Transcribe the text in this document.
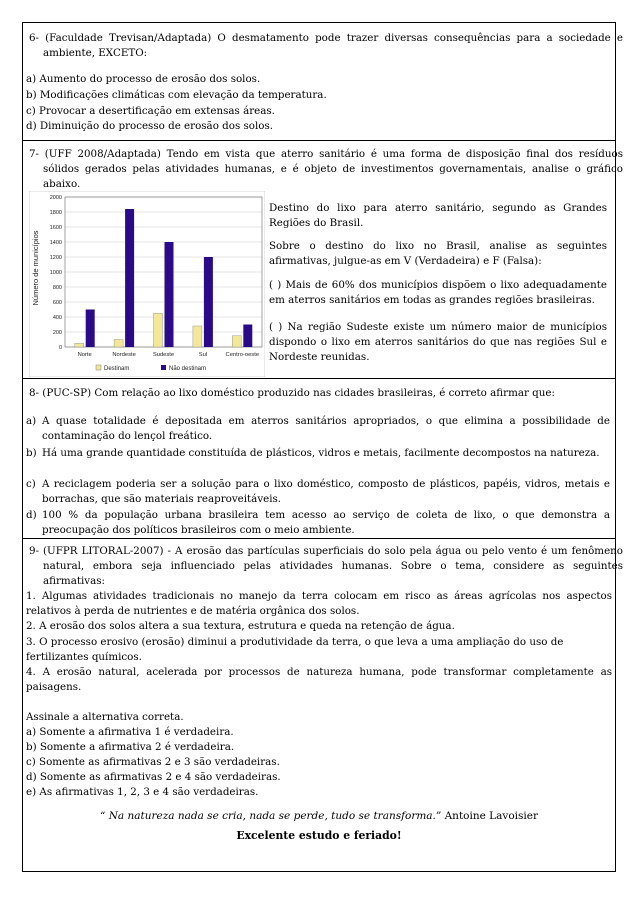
6- (Faculdade Trevisan/Adaptada) O desmatamento pode trazer diversas consequências para a sociedade e ambiente, EXCETO:
a) Aumento do processo de erosão dos solos.
b) Modificações climáticas com elevação da temperatura.
c) Provocar a desertificação em extensas áreas.
d) Diminuição do processo de erosão dos solos.
7- (UFF 2008/Adaptada) Tendo em vista que aterro sanitário é uma forma de disposição final dos resíduos sólidos gerados pelas atividades humanas, e é objeto de investimentos governamentais, analise o gráfico abaixo.
Número de municípios
0
200
400
600
800
1000
1200
1400
1600
1800
2000
Norte	Nordeste	Sudeste	Sul	Centro-oeste
Destinam	Não destinam
Destino do lixo para aterro sanitário, segundo as Grandes Regiões do Brasil.
Sobre o destino do lixo no Brasil, analise as seguintes afirmativas, julgue-as em V (Verdadeira) e F (Falsa):
( ) Mais de 60% dos municípios dispõem o lixo adequadamente em aterros sanitários em todas as grandes regiões brasileiras.
( ) Na região Sudeste existe um número maior de municípios dispondo o lixo em aterros sanitários do que nas regiões Sul e Nordeste reunidas.
8- (PUC-SP) Com relação ao lixo doméstico produzido nas cidades brasileiras, é correto afirmar que:
a) A quase totalidade é depositada em aterros sanitários apropriados, o que elimina a possibilidade de contaminação do lençol freático.
b) Há uma grande quantidade constituída de plásticos, vidros e metais, facilmente decompostos na natureza.
c) A reciclagem poderia ser a solução para o lixo doméstico, composto de plásticos, papéis, vidros, metais e borrachas, que são materiais reaproveitáveis.
d) 100 % da população urbana brasileira tem acesso ao serviço de coleta de lixo, o que demonstra a preocupação dos políticos brasileiros com o meio ambiente.
9- (UFPR LITORAL-2007) - A erosão das partículas superficiais do solo pela água ou pelo vento é um fenômeno natural, embora seja influenciado pelas atividades humanas. Sobre o tema, considere as seguintes afirmativas:
1. Algumas atividades tradicionais no manejo da terra colocam em risco as áreas agrícolas nos aspectos relativos à perda de nutrientes e de matéria orgânica dos solos.
2. A erosão dos solos altera a sua textura, estrutura e queda na retenção de água.
3. O processo erosivo (erosão) diminui a produtividade da terra, o que leva a uma ampliação do uso de fertilizantes químicos.
4. A erosão natural, acelerada por processos de natureza humana, pode transformar completamente as paisagens.
Assinale a alternativa correta.
a) Somente a afirmativa 1 é verdadeira.
b) Somente a afirmativa 2 é verdadeira.
c) Somente as afirmativas 2 e 3 são verdadeiras.
d) Somente as afirmativas 2 e 4 são verdadeiras.
e) As afirmativas 1, 2, 3 e 4 são verdadeiras.
“ Na natureza nada se cria, nada se perde, tudo se transforma.” Antoine Lavoisier
Excelente estudo e feriado!
